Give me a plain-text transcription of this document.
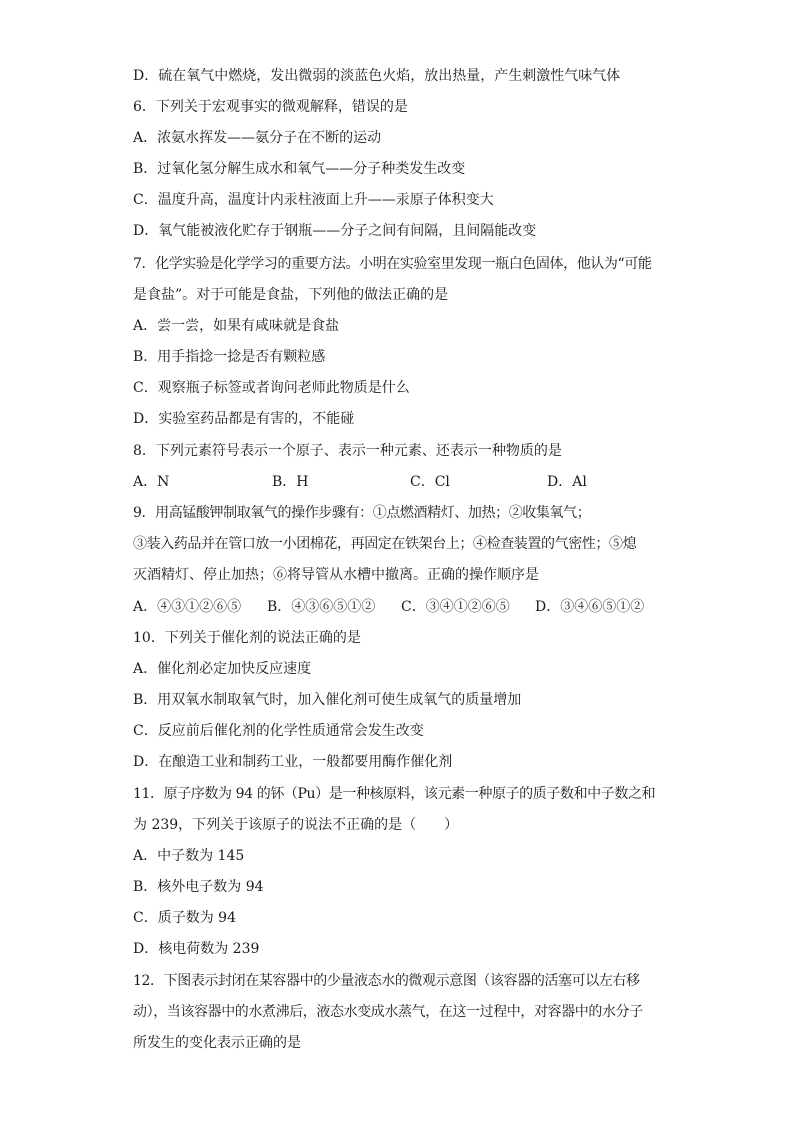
D．硫在氧气中燃烧，发出微弱的淡蓝色火焰，放出热量，产生刺激性气味气体
6．下列关于宏观事实的微观解释，错误的是
A．浓氨水挥发——氨分子在不断的运动
B．过氧化氢分解生成水和氧气——分子种类发生改变
C．温度升高，温度计内汞柱液面上升——汞原子体积变大
D．氧气能被液化贮存于钢瓶——分子之间有间隔，且间隔能改变
7．化学实验是化学学习的重要方法。小明在实验室里发现一瓶白色固体，他认为“可能
是食盐”。对于可能是食盐，下列他的做法正确的是
A．尝一尝，如果有咸味就是食盐
B．用手指捻一捻是否有颗粒感
C．观察瓶子标签或者询问老师此物质是什么
D．实验室药品都是有害的，不能碰
8．下列元素符号表示一个原子、表示一种元素、还表示一种物质的是
A．N	B．H	C．Cl	D．Al
9．用高锰酸钾制取氧气的操作步骤有：①点燃酒精灯、加热；②收集氧气；
③装入药品并在管口放一小团棉花，再固定在铁架台上；④检查装置的气密性；⑤熄
灭酒精灯、停止加热；⑥将导管从水槽中撤离。正确的操作顺序是
A．④③①②⑥⑤ B．④③⑥⑤①② C．③④①②⑥⑤ D．③④⑥⑤①②
10．下列关于催化剂的说法正确的是
A．催化剂必定加快反应速度
B．用双氧水制取氧气时，加入催化剂可使生成氧气的质量增加
C．反应前后催化剂的化学性质通常会发生改变
D．在酿造工业和制药工业，一般都要用酶作催化剂
11．原子序数为 94 的钚（Pu）是一种核原料，该元素一种原子的质子数和中子数之和
为 239，下列关于该原子的说法不正确的是（　　）
A．中子数为 145
B．核外电子数为 94
C．质子数为 94
D．核电荷数为 239
12．下图表示封闭在某容器中的少量液态水的微观示意图（该容器的活塞可以左右移
动），当该容器中的水煮沸后，液态水变成水蒸气，在这一过程中，对容器中的水分子
所发生的变化表示正确的是
